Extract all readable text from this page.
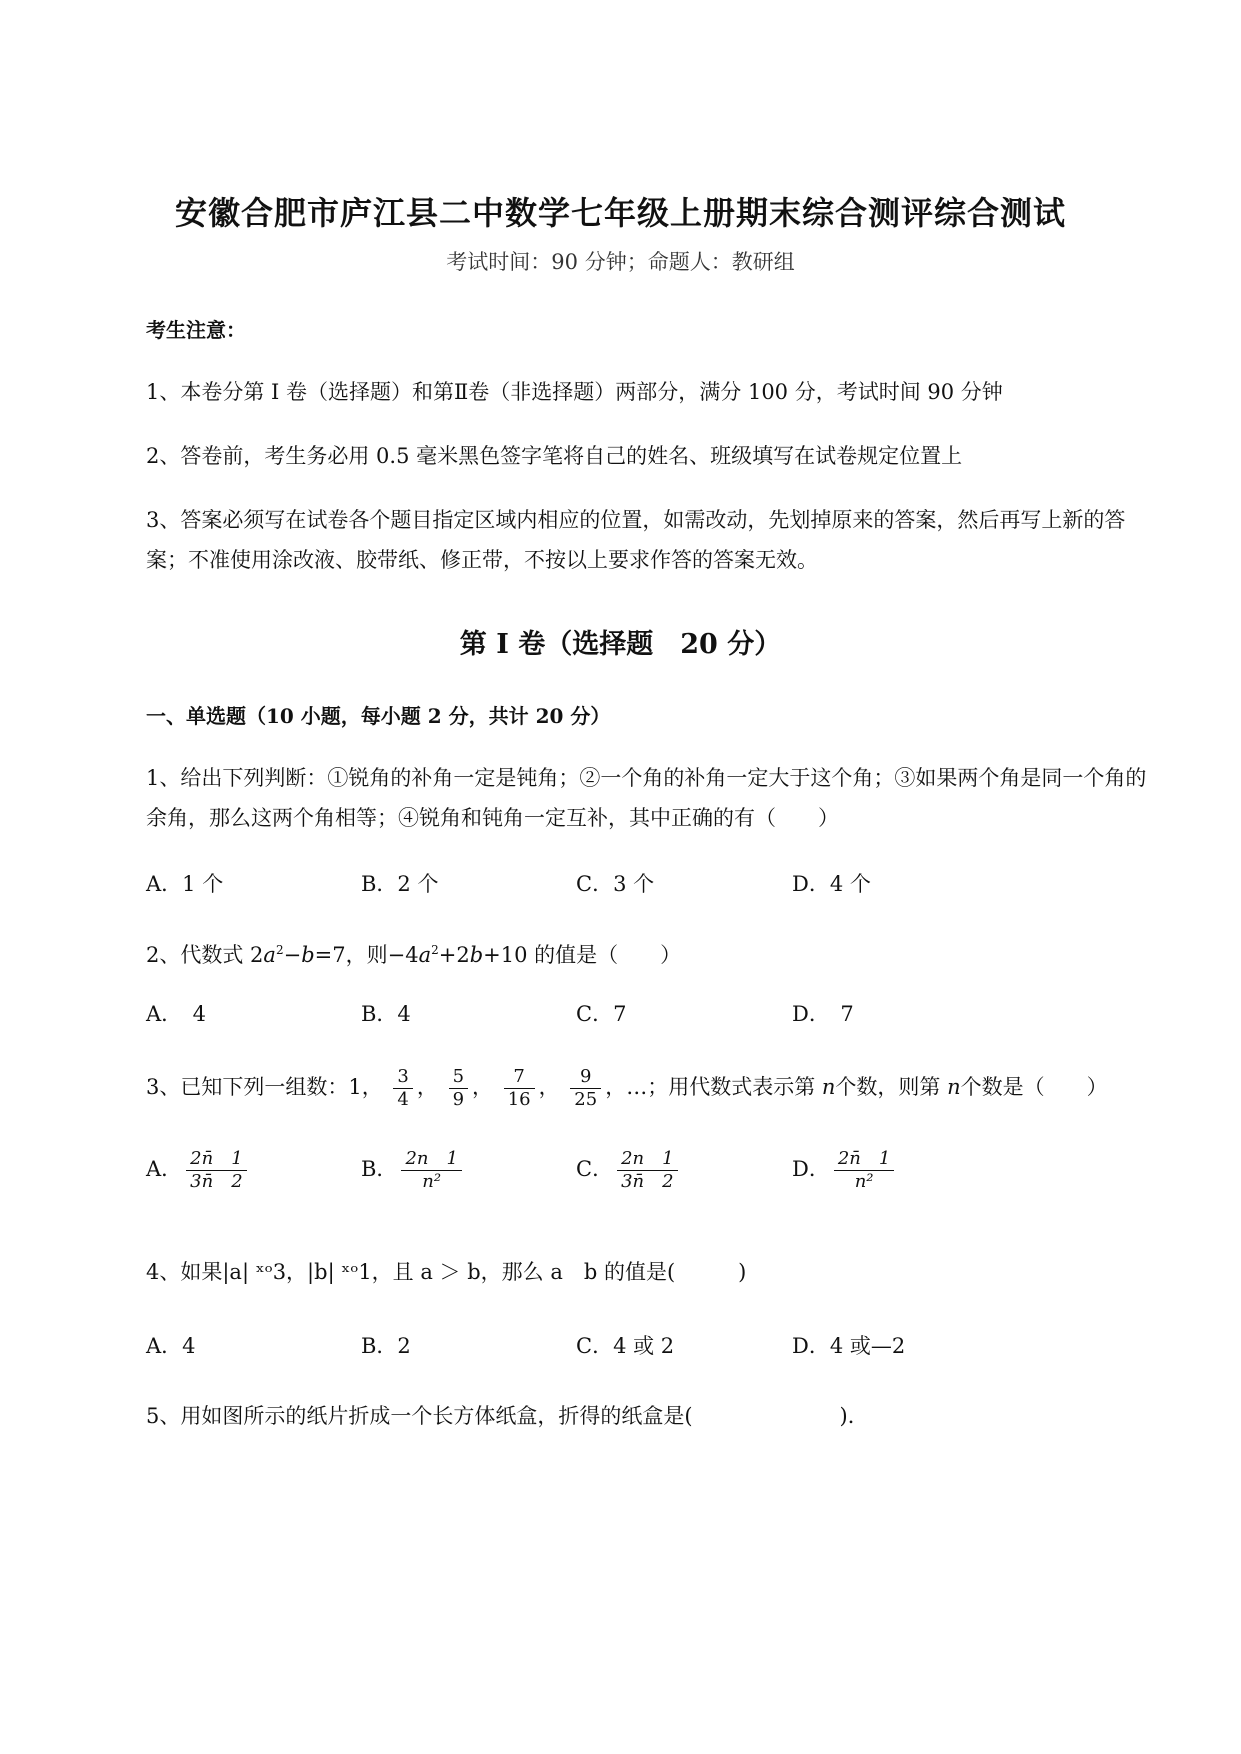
安徽合肥市庐江县二中数学七年级上册期末综合测评综合测试
考试时间：90 分钟；命题人：教研组
考生注意：
1、本卷分第 I 卷（选择题）和第Ⅱ卷（非选择题）两部分，满分 100 分，考试时间 90 分钟
2、答卷前，考生务必用 0.5 毫米黑色签字笔将自己的姓名、班级填写在试卷规定位置上
3、答案必须写在试卷各个题目指定区域内相应的位置，如需改动，先划掉原来的答案，然后再写上新的答案；不准使用涂改液、胶带纸、修正带，不按以上要求作答的答案无效。
第 I 卷（选择题　20 分）
一、单选题（10 小题，每小题 2 分，共计 20 分）
1、给出下列判断：①锐角的补角一定是钝角；②一个角的补角一定大于这个角；③如果两个角是同一个角的余角，那么这两个角相等；④锐角和钝角一定互补，其中正确的有（　　）
A．1 个	B．2 个	C．3 个	D．4 个
2、代数式 $2a^2-b=7$，则$-4a^2+2b+10$ 的值是（　　）
A．　4	B．4	C．7	D．　7
3、已知下列一组数：1， $\frac{3}{4}$ ， $\frac{5}{9}$ ， $\frac{7}{16}$ ， $\frac{9}{25}$ ，…；用代数式表示第 n个数，则第 n个数是（　　）
A． $\frac{2n̄ 1}{3n̄ 2}$	B． $\frac{2n 1}{\text{n²}}$	C． $\frac{2n 1}{3n̄ 2}$	D． $\frac{2n̄ 1}{\text{n²}}$
4、如果|a| ˣᵒ3，|b| ˣᵒ1，且 a ＞ b，那么 a　b 的值是(　　　)
A．4	B．2	C．4 或 2	D．4 或—2
5、用如图所示的纸片折成一个长方体纸盒，折得的纸盒是(　　　　　　　)．
